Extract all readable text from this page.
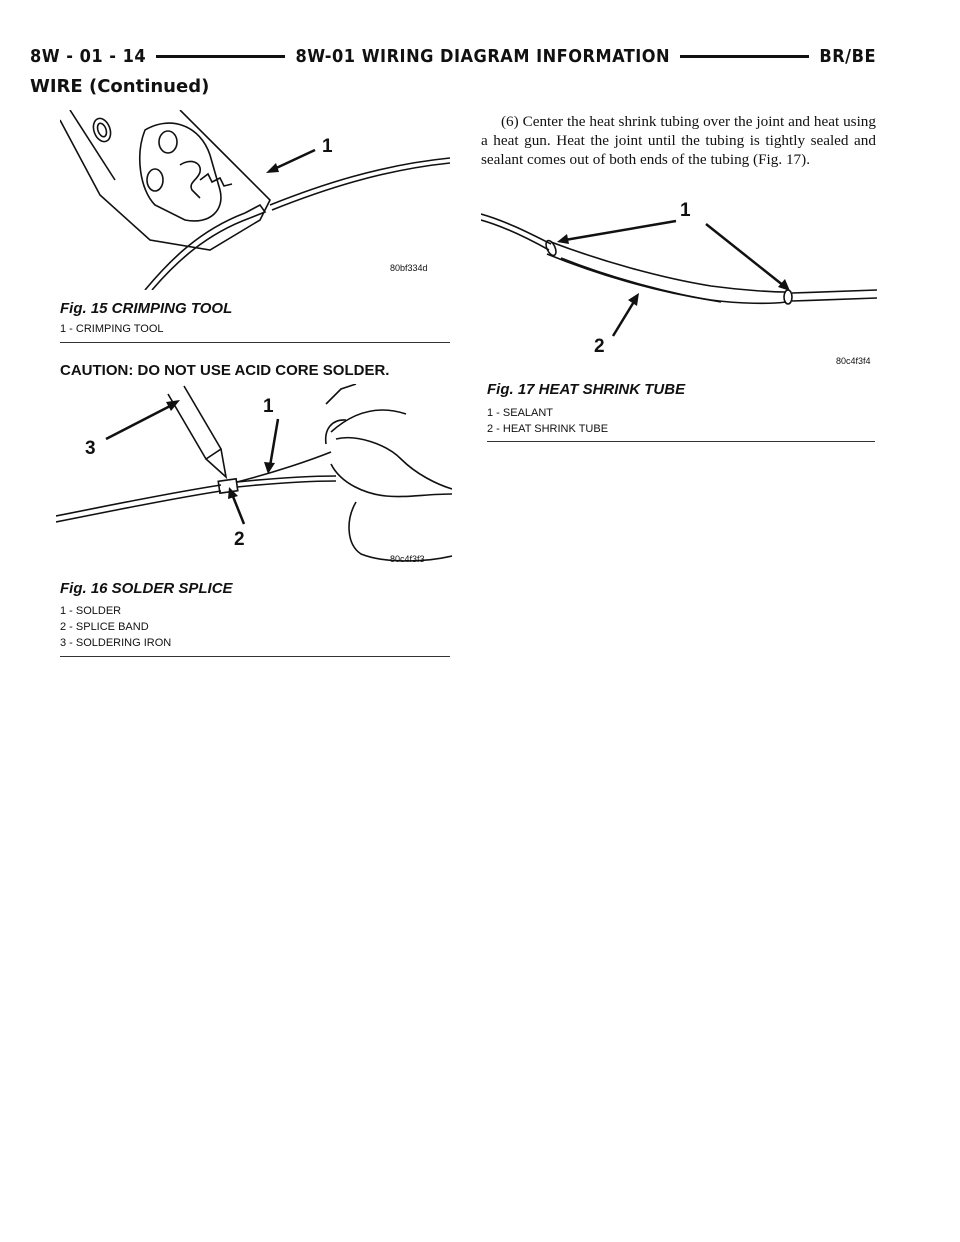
8W - 01 - 14	8W-01 WIRING DIAGRAM INFORMATION	BR/BE
WIRE (Continued)
1
80bf334d
Fig. 15 CRIMPING TOOL
1 - CRIMPING TOOL
CAUTION: DO NOT USE ACID CORE SOLDER.
1
2
3
80c4f3f3
Fig. 16 SOLDER SPLICE
1 - SOLDER
2 - SPLICE BAND
3 - SOLDERING IRON
(6) Center the heat shrink tubing over the joint and heat using a heat gun. Heat the joint until the tubing is tightly sealed and sealant comes out of both ends of the tubing (Fig. 17).
1
2
80c4f3f4
Fig. 17 HEAT SHRINK TUBE
1 - SEALANT
2 - HEAT SHRINK TUBE
